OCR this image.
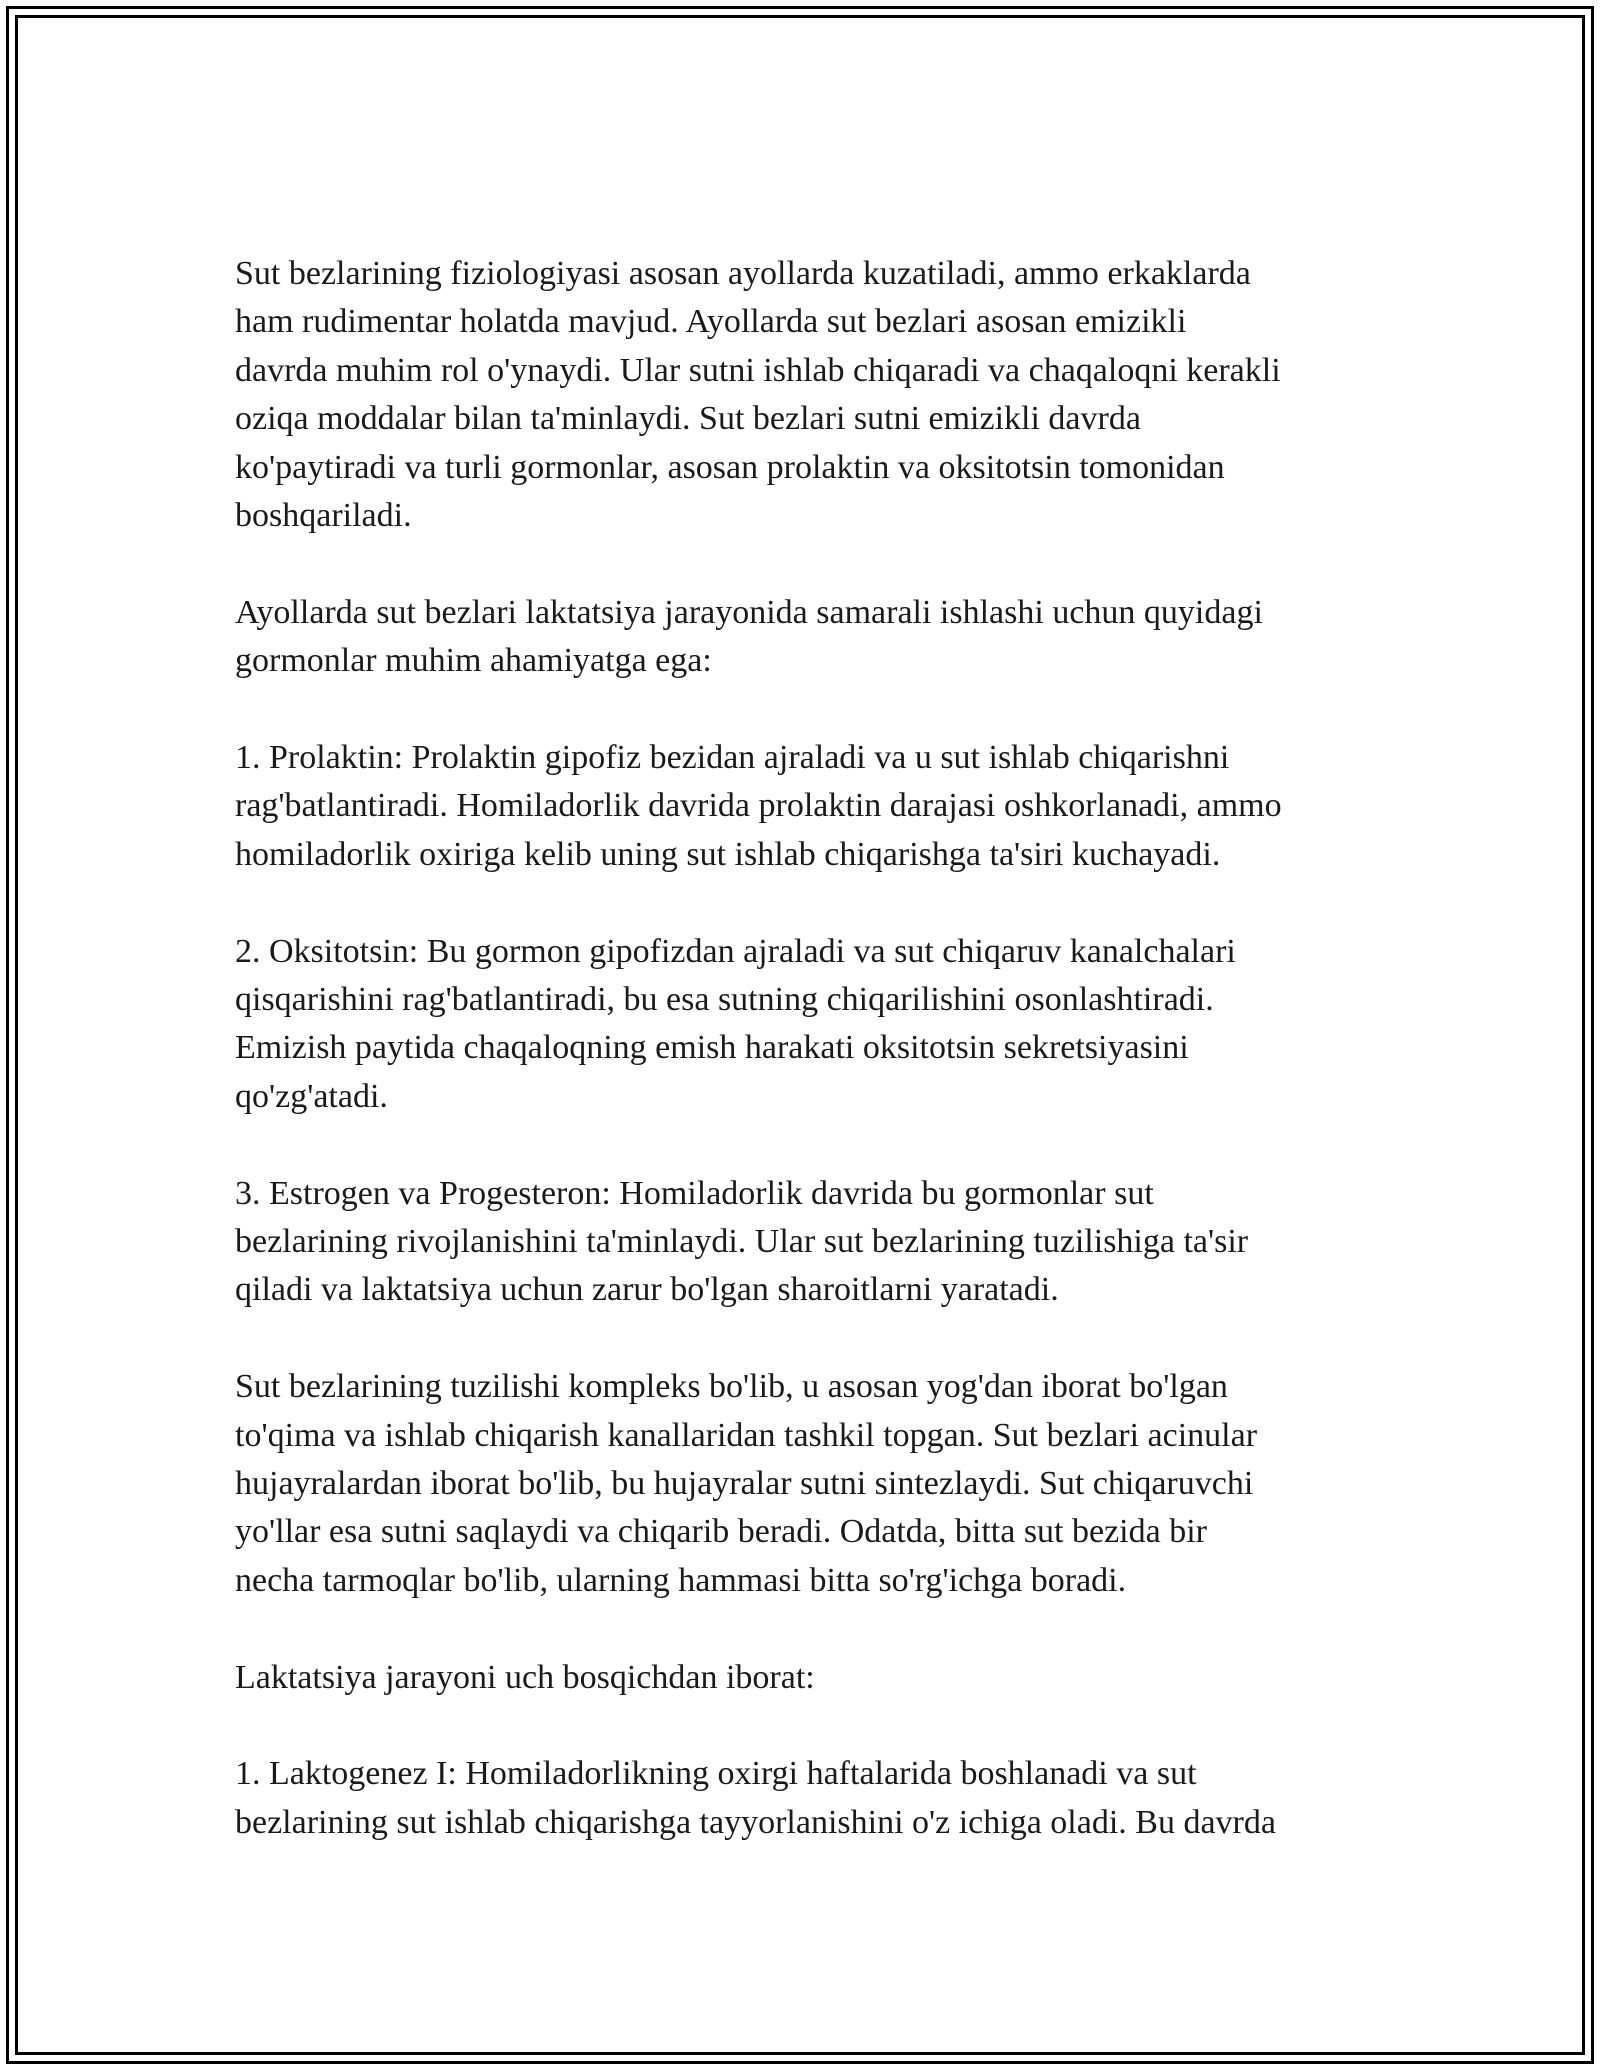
Sut bezlarining fiziologiyasi asosan ayollarda kuzatiladi, ammo erkaklarda
ham rudimentar holatda mavjud. Ayollarda sut bezlari asosan emizikli
davrda muhim rol o'ynaydi. Ular sutni ishlab chiqaradi va chaqaloqni kerakli
oziqa moddalar bilan ta'minlaydi. Sut bezlari sutni emizikli davrda
ko'paytiradi va turli gormonlar, asosan prolaktin va oksitotsin tomonidan
boshqariladi.

Ayollarda sut bezlari laktatsiya jarayonida samarali ishlashi uchun quyidagi
gormonlar muhim ahamiyatga ega:

1. Prolaktin: Prolaktin gipofiz bezidan ajraladi va u sut ishlab chiqarishni
rag'batlantiradi. Homiladorlik davrida prolaktin darajasi oshkorlanadi, ammo
homiladorlik oxiriga kelib uning sut ishlab chiqarishga ta'siri kuchayadi.

2. Oksitotsin: Bu gormon gipofizdan ajraladi va sut chiqaruv kanalchalari
qisqarishini rag'batlantiradi, bu esa sutning chiqarilishini osonlashtiradi.
Emizish paytida chaqaloqning emish harakati oksitotsin sekretsiyasini
qo'zg'atadi.

3. Estrogen va Progesteron: Homiladorlik davrida bu gormonlar sut
bezlarining rivojlanishini ta'minlaydi. Ular sut bezlarining tuzilishiga ta'sir
qiladi va laktatsiya uchun zarur bo'lgan sharoitlarni yaratadi.

Sut bezlarining tuzilishi kompleks bo'lib, u asosan yog'dan iborat bo'lgan
to'qima va ishlab chiqarish kanallaridan tashkil topgan. Sut bezlari acinular
hujayralardan iborat bo'lib, bu hujayralar sutni sintezlaydi. Sut chiqaruvchi
yo'llar esa sutni saqlaydi va chiqarib beradi. Odatda, bitta sut bezida bir
necha tarmoqlar bo'lib, ularning hammasi bitta so'rg'ichga boradi.

Laktatsiya jarayoni uch bosqichdan iborat:

1. Laktogenez I: Homiladorlikning oxirgi haftalarida boshlanadi va sut
bezlarining sut ishlab chiqarishga tayyorlanishini o'z ichiga oladi. Bu davrda
